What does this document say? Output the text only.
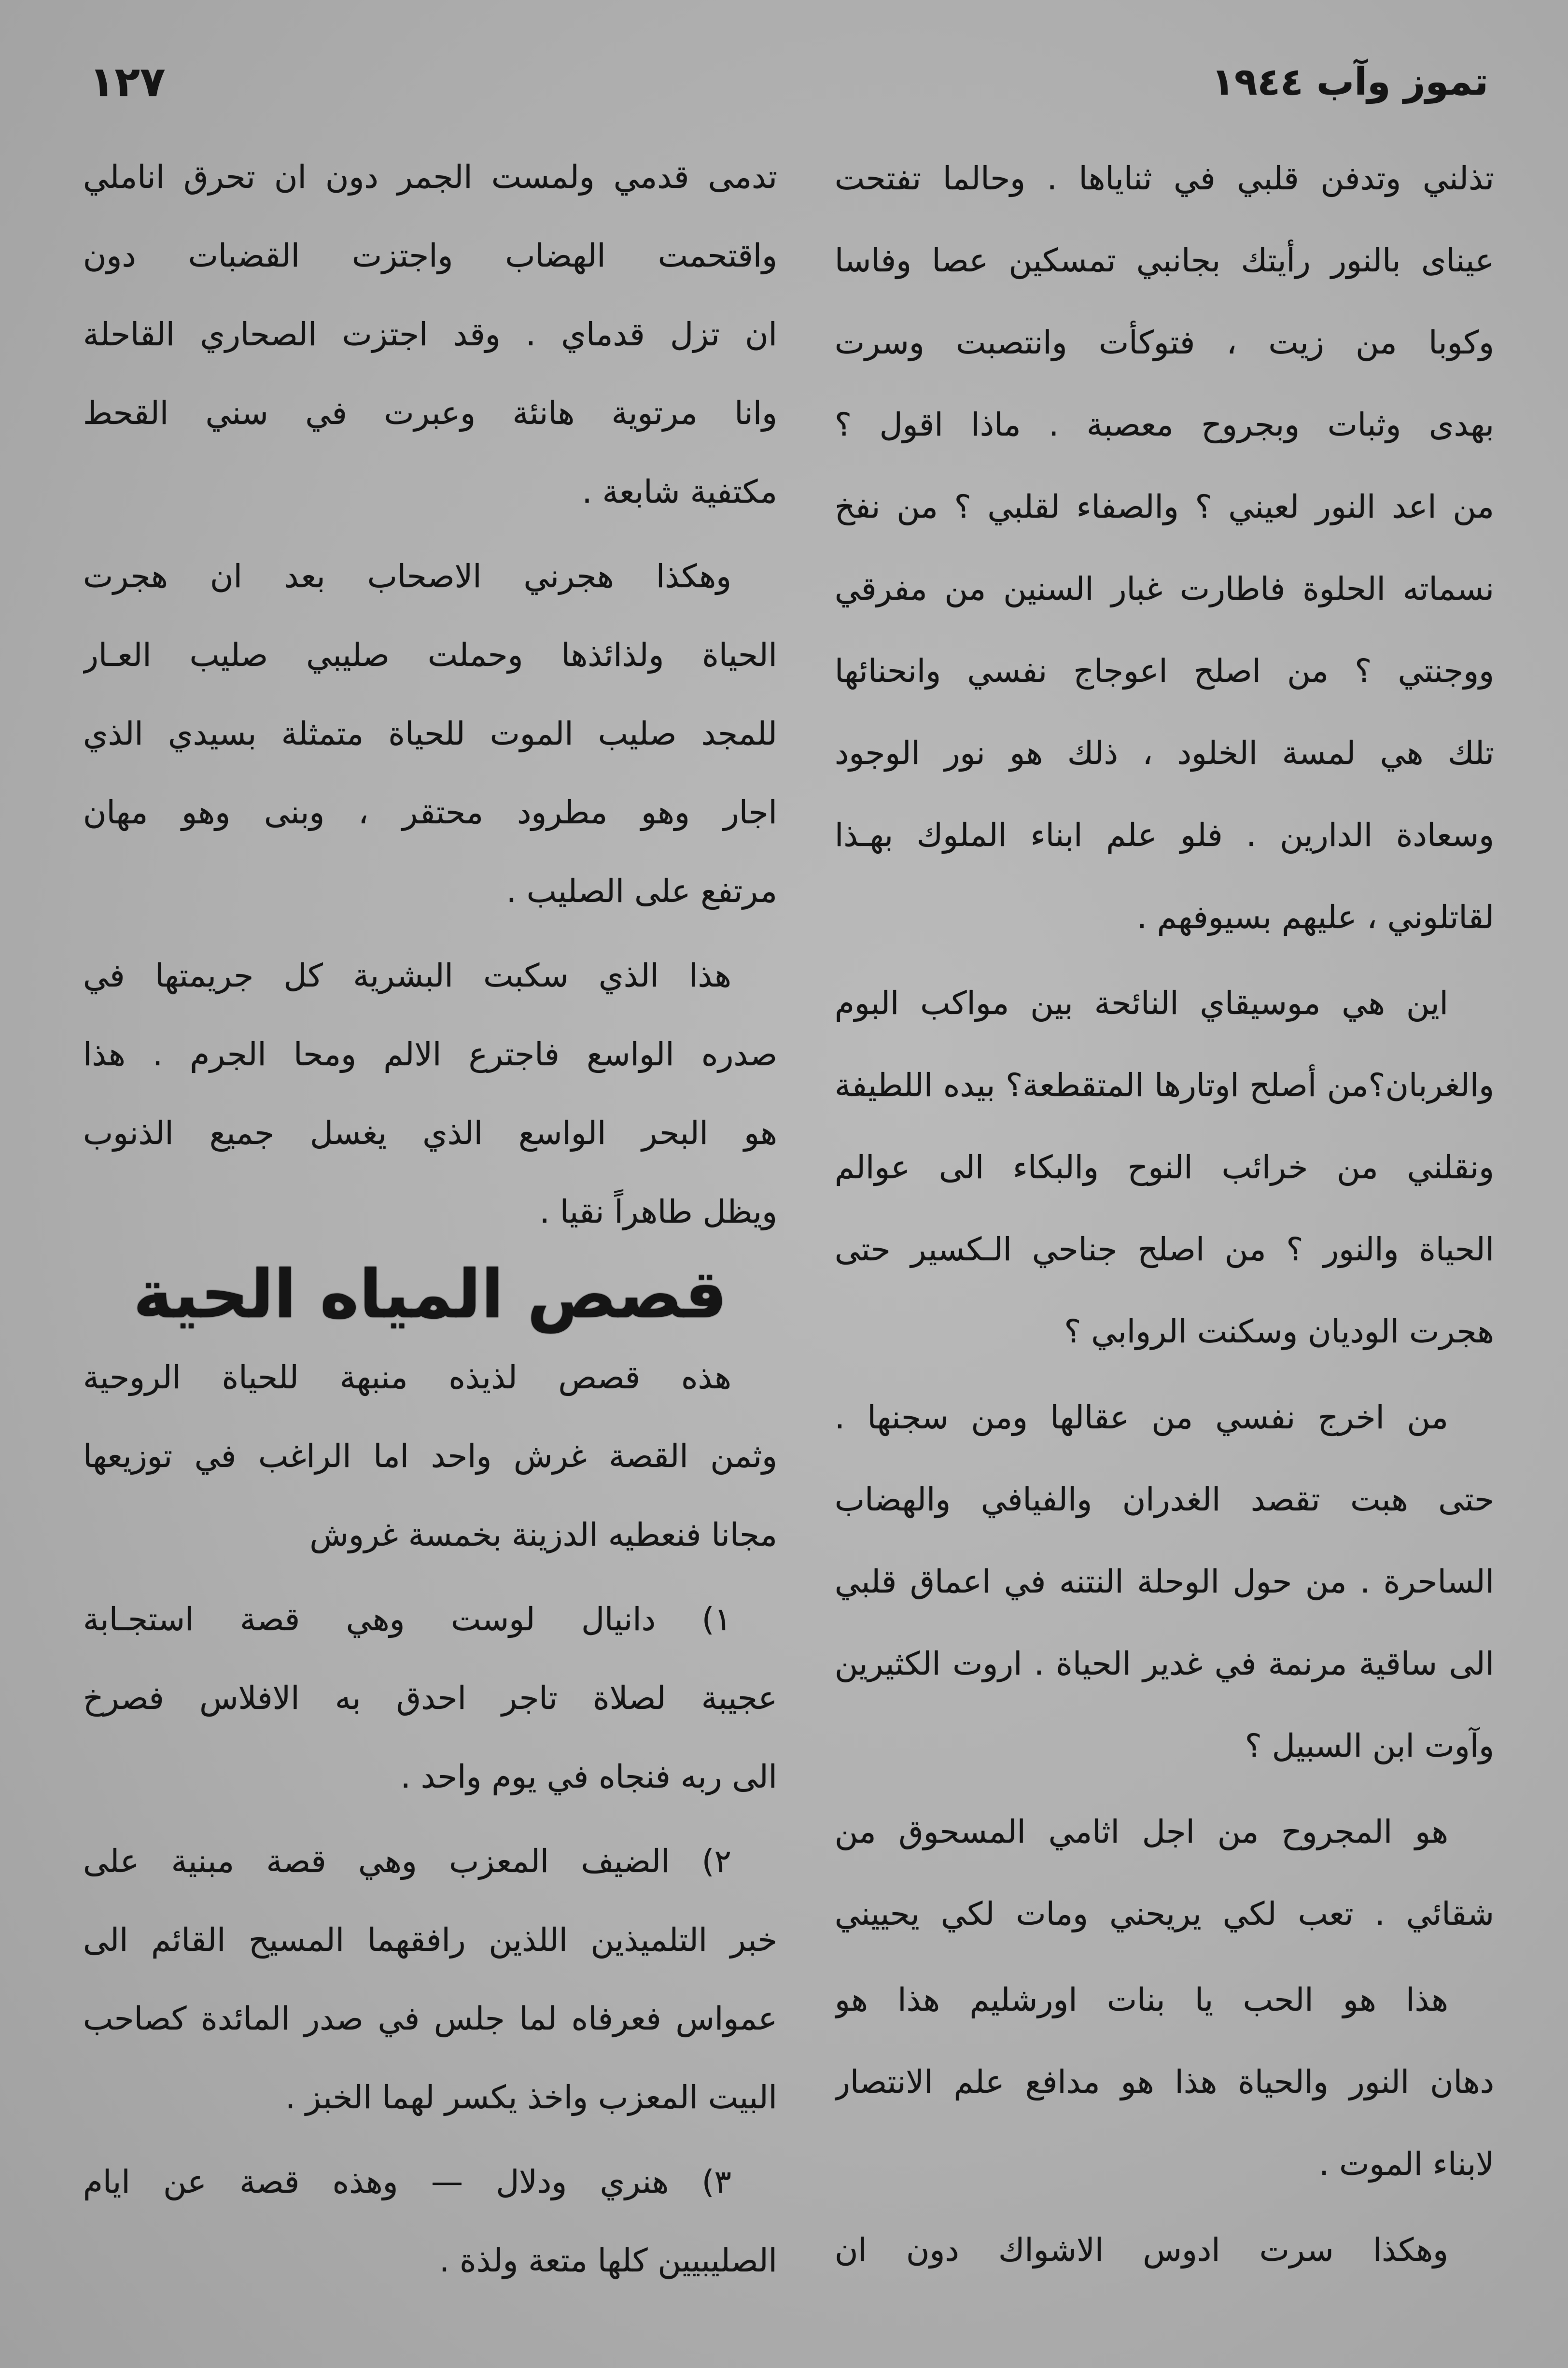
تموز وآب ١٩٤٤
١٢٧
تذلني وتدفن قلبي في ثناياها . وحالما تفتحت
عيناى بالنور رأيتك بجانبي تمسكين عصا وفاسا
وكوبا من زيت ، فتوكأت وانتصبت وسرت
بهدى وثبات وبجروح معصبة . ماذا اقول ؟
من اعد النور لعيني ؟ والصفاء لقلبي ؟ من نفخ
نسماته الحلوة فاطارت غبار السنين من مفرقي
ووجنتي ؟ من اصلح اعوجاج نفسي وانحنائها
تلك هي لمسة الخلود ، ذلك هو نور الوجود
وسعادة الدارين . فلو علم ابناء الملوك بهـذا
لقاتلوني ، عليهم بسيوفهم .
اين هي موسيقاي النائحة بين مواكب البوم
والغربان؟من أصلح اوتارها المتقطعة؟ بيده اللطيفة
ونقلني من خرائب النوح والبكاء الى عوالم
الحياة والنور ؟ من اصلح جناحي الـكسير حتى
هجرت الوديان وسكنت الروابي ؟
من اخرج نفسي من عقالها ومن سجنها .
حتى هبت تقصد الغدران والفيافي والهضاب
الساحرة . من حول الوحلة النتنه في اعماق قلبي
الى ساقية مرنمة في غدير الحياة . اروت الكثيرين
وآوت ابن السبيل ؟
هو المجروح من اجل اثامي المسحوق من
شقائي . تعب لكي يريحني ومات لكي يحييني
هذا هو الحب يا بنات اورشليم هذا هو
دهان النور والحياة هذا هو مدافع علم الانتصار
لابناء الموت .
وهكذا سرت ادوس الاشواك دون ان
تدمى قدمي ولمست الجمر دون ان تحرق اناملي
واقتحمت الهضاب واجتزت القضبات دون
ان تزل قدماي . وقد اجتزت الصحاري القاحلة
وانا مرتوية هانئة وعبرت في سني القحط
مكتفية شابعة .
وهكذا هجرني الاصحاب بعد ان هجرت
الحياة ولذائذها وحملت صليبي صليب العـار
للمجد صليب الموت للحياة متمثلة بسيدي الذي
اجار وهو مطرود محتقر ، وبنى وهو مهان
مرتفع على الصليب .
هذا الذي سكبت البشرية كل جريمتها في
صدره الواسع فاجترع الالم ومحا الجرم . هذا
هو البحر الواسع الذي يغسل جميع الذنوب
ويظل طاهراً نقيا .
قصص المياه الحية
هذه قصص لذيذه منبهة للحياة الروحية
وثمن القصة غرش واحد اما الراغب في توزيعها
مجانا فنعطيه الدزينة بخمسة غروش
١) دانيال لوست وهي قصة استجـابة
عجيبة لصلاة تاجر احدق به الافلاس فصرخ
الى ربه فنجاه في يوم واحد .
٢) الضيف المعزب وهي قصة مبنية على
خبر التلميذين اللذين رافقهما المسيح القائم الى
عمواس فعرفاه لما جلس في صدر المائدة كصاحب
البيت المعزب واخذ يكسر لهما الخبز .
٣) هنري ودلال — وهذه قصة عن ايام
الصليبيين كلها متعة ولذة .
